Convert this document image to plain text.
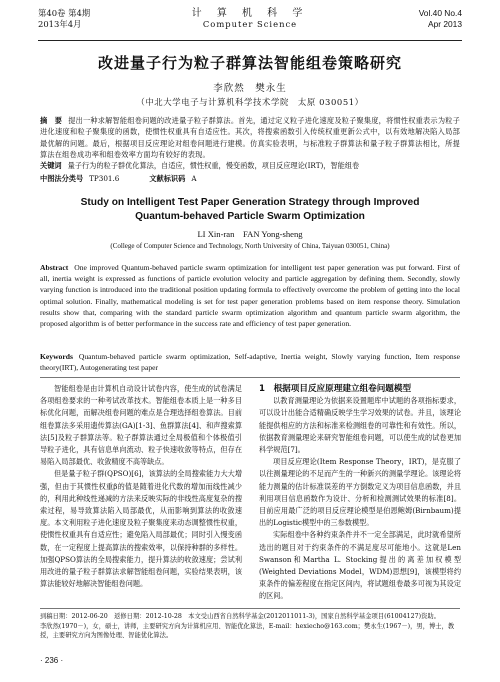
第40卷 第4期
2013年4月
计 算 机 科 学
Computer Science
Vol.40 No.4
Apr 2013
改进量子行为粒子群算法智能组卷策略研究
李欣然　樊永生
（中北大学电子与计算机科学技术学院　太原 030051）
摘　要 提出一种求解智能组卷问题的改进量子粒子群算法。首先，通过定义粒子进化速度及粒子聚集度，将惯性权重表示为粒子进化速度和粒子聚集度的函数，使惯性权重具有自适应性。其次，将搜索函数引入传统权重更新公式中，以有效地解决陷入局部最优解的问题。最后，根据项目反应理论对组卷问题进行建模。仿真实验表明，与标准粒子群算法和量子粒子群算法相比，所提算法在组卷成功率和组卷效率方面均有较好的表现。
关键词 量子行为的粒子群优化算法，自适应，惯性权重，慢变函数，项目反应理论(IRT)，智能组卷
中图法分类号 TP301.6	文献标识码 A
Study on Intelligent Test Paper Generation Strategy through Improved
Quantum-behaved Particle Swarm Optimization
LI Xin-ran　FAN Yong-sheng
(College of Computer Science and Technology, North University of China, Taiyuan 030051, China)
Abstract One improved Quantum-behaved particle swarm optimization for intelligent test paper generation was put forward. First of all, inertia weight is expressed as functions of particle evolution velocity and particle aggregation by defining them. Secondly, slowly varying function is introduced into the traditional position updating formula to effectively overcome the problem of getting into the local optimal solution. Finally, mathematical modeling is set for test paper generation problems based on item response theory. Simulation results show that, comparing with the standard particle swarm optimization algorithm and quantum particle swarm algorithm, the proposed algorithm is of better performance in the success rate and efficiency of test paper generation.
Keywords Quantum-behaved particle swarm optimization, Self-adaptive, Inertia weight, Slowly varying function, Item response theory(IRT), Autogenerating test paper

智能组卷是由计算机自动设计试卷内容，使生成的试卷满足各项组卷要求的一种考试改革技术。智能组卷本质上是一种多目标优化问题，而解决组卷问题的难点是合理选择组卷算法。目前组卷算法多采用遗传算法(GA)[1-3]、鱼群算法[4]、和声搜索算法[5]及粒子群算法等。粒子群算法通过全局极值和个体极值引导粒子进化，具有信息单向流动、粒子快速收敛等特点，但存在易陷入局部最优、收敛精度不高等缺点。

但是量子粒子群(QPSO)[6]，该算法的全局搜索能力大大增强，但由于其惯性权重β的值是随着进化代数的增加而线性减少的，利用此种线性递减的方法来反映实际的非线性高度复杂的搜索过程，易导致算法陷入局部最优，从而影响到算法的收敛速度。本文利用粒子进化速度及粒子聚集度来动态调整惯性权重，使惯性权重具有自适应性；避免陷入局部最优；同时引入慢变函数，在一定程度上提高算法的搜索效率，以保持种群的多样性。加强QPSO算法的全局搜索能力，提升算法的收敛速度；尝试利用改进的量子粒子群算法求解智能组卷问题，实验结果表明，该算法能较好地解决智能组卷问题。

1　根据项目反应原理建立组卷问题模型

以教育测量理论为依据来设置题库中试题的各项指标要求，可以设计出能合适精确反映学生学习效果的试卷。并且，该理论能提供相应的方法和标准来检测组卷的可靠性和有效性。所以，依据教育测量理论来研究智能组卷问题，可以使生成的试卷更加科学规范[7]。

项目反应理论(Item Response Theory，IRT)，是克服了以往测量理论的不足而产生的一种新兴的测量学理论。该理论将能力测量的估计标准误差的平方倒数定义为项目信息函数，并且利用项目信息函数作为设计、分析和检测测试效果的标准[8]。目前应用最广泛的项目反应理论模型是伯恩鲍姆(Birnbaum)提出的Logistic模型中的三参数模型。

实际组卷中各种约束条件并不一定全部满足，此时就希望所选出的题目对于约束条件的不满足度尽可能地小。这就是Len Swanson和Martha L. Stocking提出的离差加权模型(Weighted Deviations Model，WDM)思想[9]，该模型将约束条件的偏差程度在指定区间内，将试题组卷最多可视为其设定的区间。

到稿日期：2012-06-20　返修日期：2012-10-28　本文受山西省自然科学基金(2012011011-3)，国家自然科学基金项目(61004127)资助。
李欣然(1970－)，女，硕士，讲师，主要研究方向为计算机应用、智能优化算法，E-mail：hexiecho@163.com；樊永生(1967－)，男，博士，教授，主要研究方向为图像处理、智能优化算法。
· 236 ·
